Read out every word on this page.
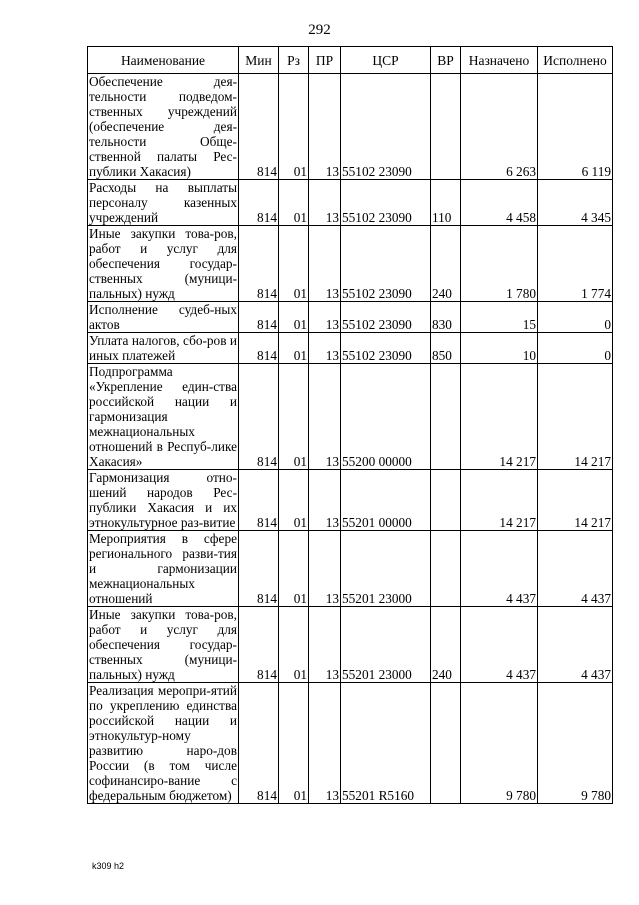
292
Наименование	Мин	Рз	ПР	ЦСР	ВР	Назначено	Исполнено
Обеспечение дея-тельности подведом-ственных учреждений (обеспечение дея-тельности Обще-ственной палаты Рес-публики Хакасия)	814	01	13	55102 23090		6 263	6 119
Расходы на выплаты персоналу казенных учреждений	814	01	13	55102 23090	110	4 458	4 345
Иные закупки това-ров, работ и услуг для обеспечения государ-ственных (муници-пальных) нужд	814	01	13	55102 23090	240	1 780	1 774
Исполнение судеб-ных актов	814	01	13	55102 23090	830	15	0
Уплата налогов, сбо-ров и иных платежей	814	01	13	55102 23090	850	10	0
Подпрограмма «Укрепление един-ства российской нации и гармонизация межнациональных отношений в Респуб-лике Хакасия»	814	01	13	55200 00000		14 217	14 217
Гармонизация отно-шений народов Рес-публики Хакасия и их этнокультурное раз-витие	814	01	13	55201 00000		14 217	14 217
Мероприятия в сфере регионального разви-тия и гармонизации межнациональных отношений	814	01	13	55201 23000		4 437	4 437
Иные закупки това-ров, работ и услуг для обеспечения государ-ственных (муници-пальных) нужд	814	01	13	55201 23000	240	4 437	4 437
Реализация меропри-ятий по укреплению единства российской нации и этнокультур-ному развитию наро-дов России (в том числе софинансиро-вание с федеральным бюджетом)	814	01	13	55201 R5160		9 780	9 780
k309 h2
